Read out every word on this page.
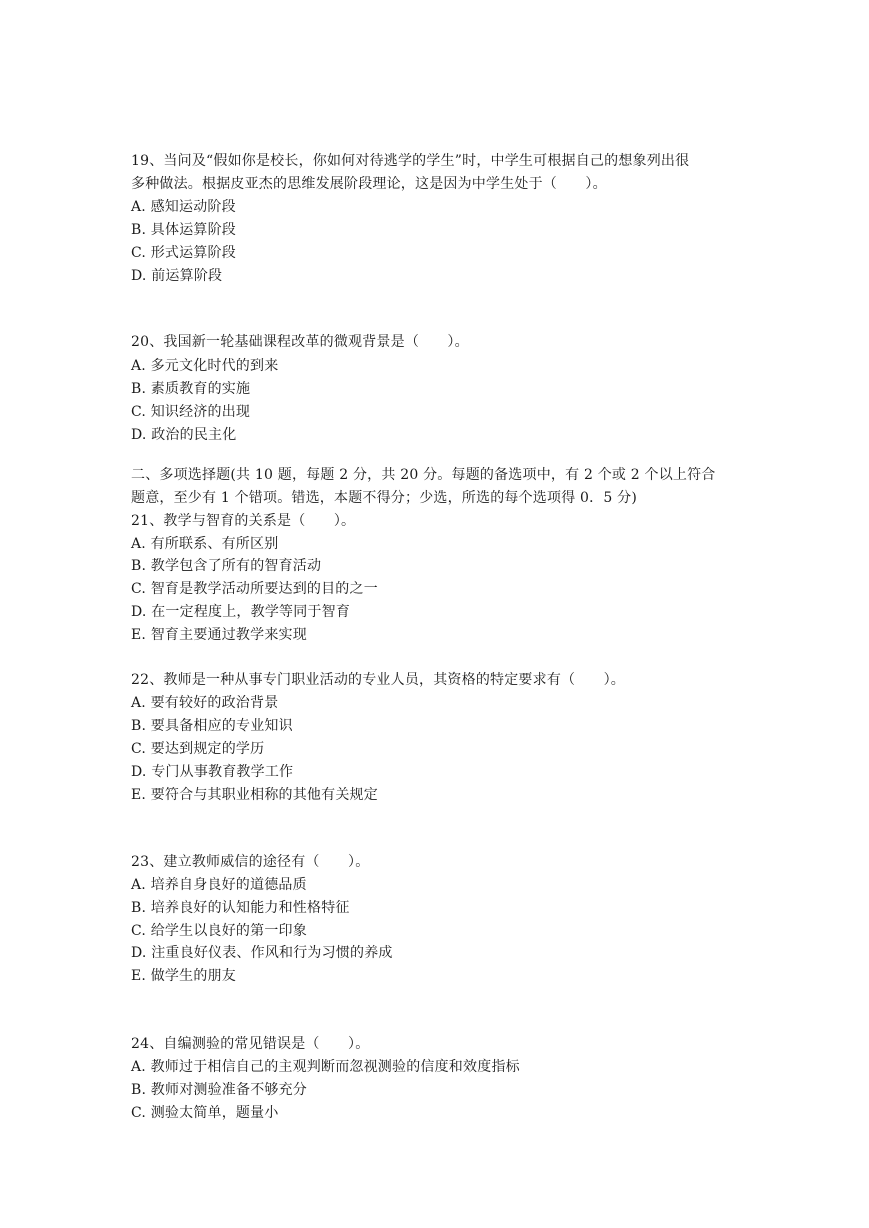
19、当问及“假如你是校长，你如何对待逃学的学生”时，中学生可根据自己的想象列出很
多种做法。根据皮亚杰的思维发展阶段理论，这是因为中学生处于（　　）。
A. 感知运动阶段
B. 具体运算阶段
C. 形式运算阶段
D. 前运算阶段
20、我国新一轮基础课程改革的微观背景是（　　）。
A. 多元文化时代的到来
B. 素质教育的实施
C. 知识经济的出现
D. 政治的民主化
二、多项选择题(共 10 题，每题 2 分，共 20 分。每题的备选项中，有 2 个或 2 个以上符合
题意，至少有 1 个错项。错选，本题不得分；少选，所选的每个选项得 0．5 分)
21、教学与智育的关系是（　　）。
A. 有所联系、有所区别
B. 教学包含了所有的智育活动
C. 智育是教学活动所要达到的目的之一
D. 在一定程度上，教学等同于智育
E. 智育主要通过教学来实现
22、教师是一种从事专门职业活动的专业人员，其资格的特定要求有（　　）。
A. 要有较好的政治背景
B. 要具备相应的专业知识
C. 要达到规定的学历
D. 专门从事教育教学工作
E. 要符合与其职业相称的其他有关规定
23、建立教师威信的途径有（　　）。
A. 培养自身良好的道德品质
B. 培养良好的认知能力和性格特征
C. 给学生以良好的第一印象
D. 注重良好仪表、作风和行为习惯的养成
E. 做学生的朋友
24、自编测验的常见错误是（　　）。
A. 教师过于相信自己的主观判断而忽视测验的信度和效度指标
B. 教师对测验准备不够充分
C. 测验太简单，题量小
